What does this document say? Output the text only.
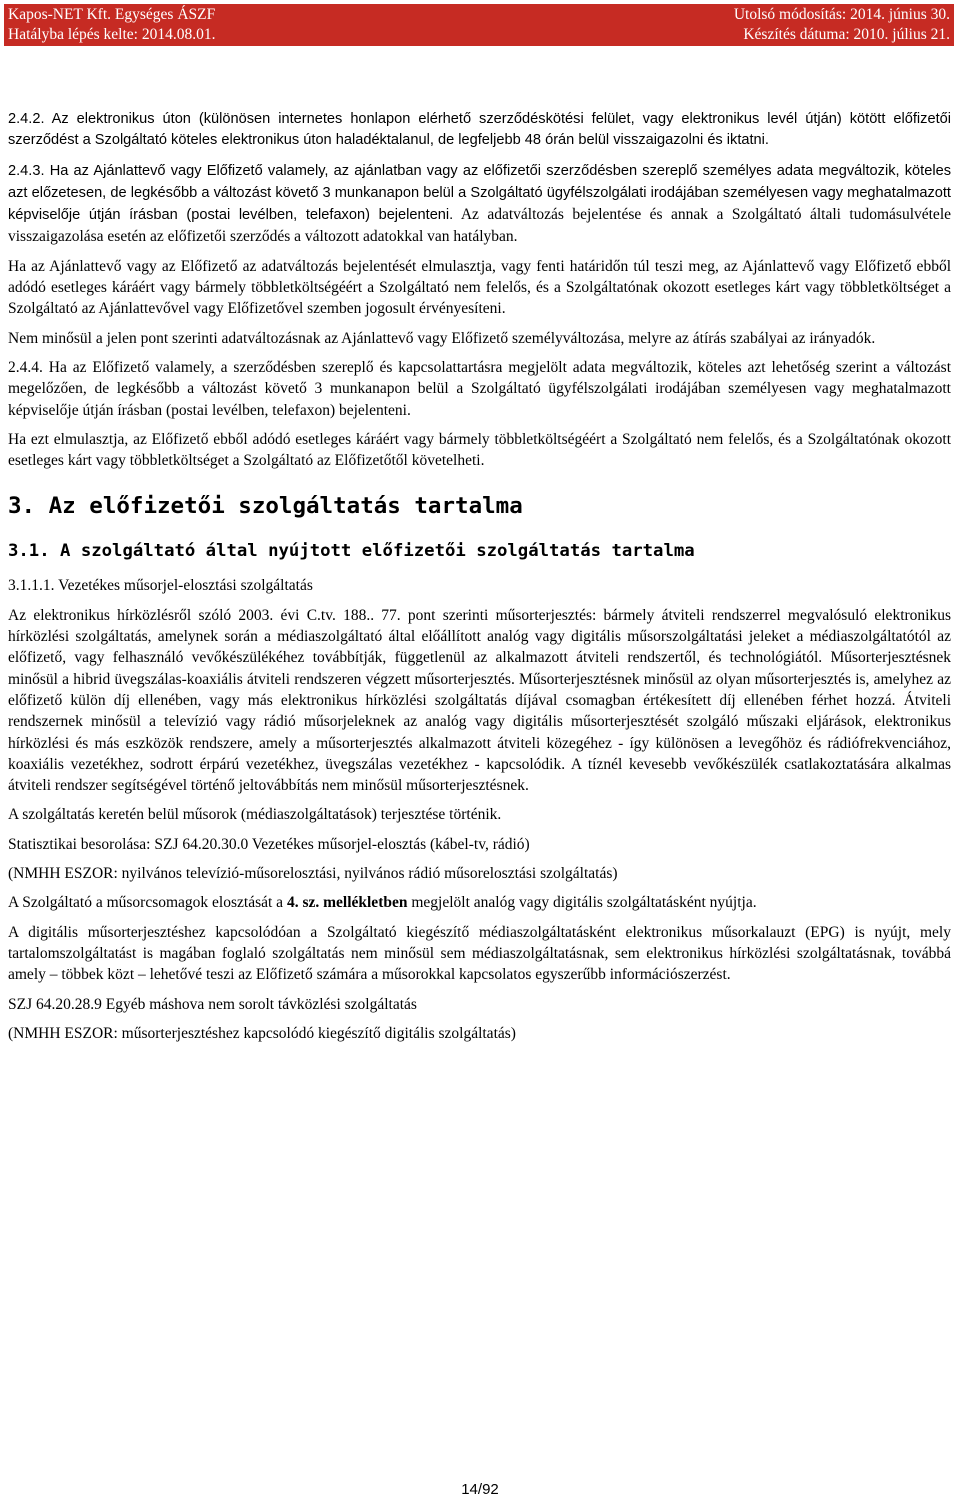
Kapos-NET Kft. Egységes ÁSZF
Hatályba lépés kelte: 2014.08.01.
Utolsó módosítás: 2014. június 30.
Készítés dátuma: 2010. július 21.

2.4.2. Az elektronikus úton (különösen internetes honlapon elérhető szerződéskötési felület, vagy elektronikus levél útján) kötött előfizetői szerződést a Szolgáltató köteles elektronikus úton haladéktalanul, de legfeljebb 48 órán belül visszaigazolni és iktatni.

2.4.3. Ha az Ajánlattevő vagy Előfizető valamely, az ajánlatban vagy az előfizetői szerződésben szereplő személyes adata megváltozik, köteles azt előzetesen, de legkésőbb a változást követő 3 munkanapon belül a Szolgáltató ügyfélszolgálati irodájában személyesen vagy meghatalmazott képviselője útján írásban (postai levélben, telefaxon) bejelenteni. Az adatváltozás bejelentése és annak a Szolgáltató általi tudomásulvétele visszaigazolása esetén az előfizetői szerződés a változott adatokkal van hatályban.

Ha az Ajánlattevő vagy az Előfizető az adatváltozás bejelentését elmulasztja, vagy fenti határidőn túl teszi meg, az Ajánlattevő vagy Előfizető ebből adódó esetleges káráért vagy bármely többletköltségéért a Szolgáltató nem felelős, és a Szolgáltatónak okozott esetleges kárt vagy többletköltséget a Szolgáltató az Ajánlattevővel vagy Előfizetővel szemben jogosult érvényesíteni.

Nem minősül a jelen pont szerinti adatváltozásnak az Ajánlattevő vagy Előfizető személyváltozása, melyre az átírás szabályai az irányadók.

2.4.4. Ha az Előfizető valamely, a szerződésben szereplő és kapcsolattartásra megjelölt adata megváltozik, köteles azt lehetőség szerint a változást megelőzően, de legkésőbb a változást követő 3 munkanapon belül a Szolgáltató ügyfélszolgálati irodájában személyesen vagy meghatalmazott képviselője útján írásban (postai levélben, telefaxon) bejelenteni.

Ha ezt elmulasztja, az Előfizető ebből adódó esetleges káráért vagy bármely többletköltségéért a Szolgáltató nem felelős, és a Szolgáltatónak okozott esetleges kárt vagy többletköltséget a Szolgáltató az Előfizetőtől követelheti.

3. Az előfizetői szolgáltatás tartalma
3.1. A szolgáltató által nyújtott előfizetői szolgáltatás tartalma

3.1.1.1. Vezetékes műsorjel-elosztási szolgáltatás

Az elektronikus hírközlésről szóló 2003. évi C.tv. 188.. 77. pont szerinti műsorterjesztés: bármely átviteli rendszerrel megvalósuló elektronikus hírközlési szolgáltatás, amelynek során a médiaszolgáltató által előállított analóg vagy digitális műsorszolgáltatási jeleket a médiaszolgáltatótól az előfizető, vagy felhasználó vevőkészülékéhez továbbítják, függetlenül az alkalmazott átviteli rendszertől, és technológiától. Műsorterjesztésnek minősül a hibrid üvegszálas-koaxiális átviteli rendszeren végzett műsorterjesztés. Műsorterjesztésnek minősül az olyan műsorterjesztés is, amelyhez az előfizető külön díj ellenében, vagy más elektronikus hírközlési szolgáltatás díjával csomagban értékesített díj ellenében férhet hozzá. Átviteli rendszernek minősül a televízió vagy rádió műsorjeleknek az analóg vagy digitális műsorterjesztését szolgáló műszaki eljárások, elektronikus hírközlési és más eszközök rendszere, amely a műsorterjesztés alkalmazott átviteli közegéhez - így különösen a levegőhöz és rádiófrekvenciához, koaxiális vezetékhez, sodrott érpárú vezetékhez, üvegszálas vezetékhez - kapcsolódik. A tíznél kevesebb vevőkészülék csatlakoztatására alkalmas átviteli rendszer segítségével történő jeltovábbítás nem minősül műsorterjesztésnek.

A szolgáltatás keretén belül műsorok (médiaszolgáltatások) terjesztése történik.

Statisztikai besorolása: SZJ 64.20.30.0 Vezetékes műsorjel-elosztás (kábel-tv, rádió)

(NMHH ESZOR: nyilvános televízió-műsorelosztási, nyilvános rádió műsorelosztási szolgáltatás)

A Szolgáltató a műsorcsomagok elosztását a 4. sz. mellékletben megjelölt analóg vagy digitális szolgáltatásként nyújtja.

A digitális műsorterjesztéshez kapcsolódóan a Szolgáltató kiegészítő médiaszolgáltatásként elektronikus műsorkalauzt (EPG) is nyújt, mely tartalomszolgáltatást is magában foglaló szolgáltatás nem minősül sem médiaszolgáltatásnak, sem elektronikus hírközlési szolgáltatásnak, továbbá amely – többek közt – lehetővé teszi az Előfizető számára a műsorokkal kapcsolatos egyszerűbb információszerzést.

SZJ 64.20.28.9 Egyéb máshova nem sorolt távközlési szolgáltatás

(NMHH ESZOR: műsorterjesztéshez kapcsolódó kiegészítő digitális szolgáltatás)

14/92
